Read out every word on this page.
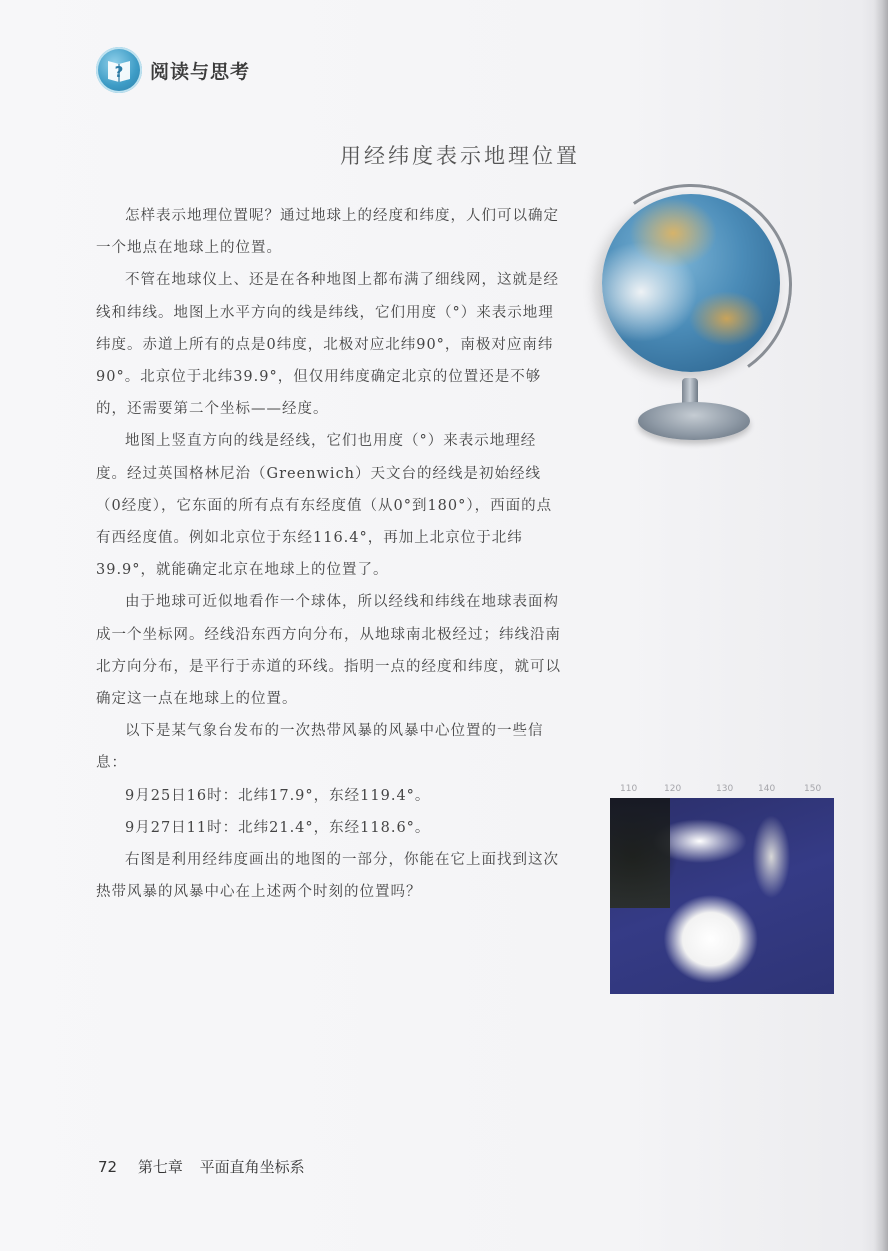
? 阅读与思考
用经纬度表示地理位置

怎样表示地理位置呢？通过地球上的经度和纬度，人们可以确定一个地点在地球上的位置。

不管在地球仪上、还是在各种地图上都布满了细线网，这就是经线和纬线。地图上水平方向的线是纬线，它们用度（°）来表示地理纬度。赤道上所有的点是0纬度，北极对应北纬90°，南极对应南纬90°。北京位于北纬39.9°，但仅用纬度确定北京的位置还是不够的，还需要第二个坐标——经度。

地图上竖直方向的线是经线，它们也用度（°）来表示地理经度。经过英国格林尼治（Greenwich）天文台的经线是初始经线（0经度），它东面的所有点有东经度值（从0°到180°），西面的点有西经度值。例如北京位于东经116.4°，再加上北京位于北纬39.9°，就能确定北京在地球上的位置了。

由于地球可近似地看作一个球体，所以经线和纬线在地球表面构成一个坐标网。经线沿东西方向分布，从地球南北极经过；纬线沿南北方向分布，是平行于赤道的环线。指明一点的经度和纬度，就可以确定这一点在地球上的位置。

以下是某气象台发布的一次热带风暴的风暴中心位置的一些信息：

9月25日16时：北纬17.9°，东经119.4°。

9月27日11时：北纬21.4°，东经118.6°。

右图是利用经纬度画出的地图的一部分，你能在它上面找到这次热带风暴的风暴中心在上述两个时刻的位置吗？

110	120	130	140	150
72 第七章 平面直角坐标系
